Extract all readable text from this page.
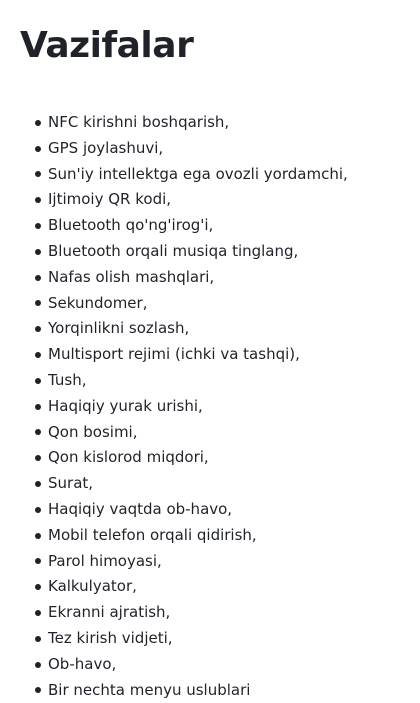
Vazifalar
NFC kirishni boshqarish,
GPS joylashuvi,
Sun'iy intellektga ega ovozli yordamchi,
Ijtimoiy QR kodi,
Bluetooth qo'ng'irog'i,
Bluetooth orqali musiqa tinglang,
Nafas olish mashqlari,
Sekundomer,
Yorqinlikni sozlash,
Multisport rejimi (ichki va tashqi),
Tush,
Haqiqiy yurak urishi,
Qon bosimi,
Qon kislorod miqdori,
Surat,
Haqiqiy vaqtda ob-havo,
Mobil telefon orqali qidirish,
Parol himoyasi,
Kalkulyator,
Ekranni ajratish,
Tez kirish vidjeti,
Ob-havo,
Bir nechta menyu uslublari
